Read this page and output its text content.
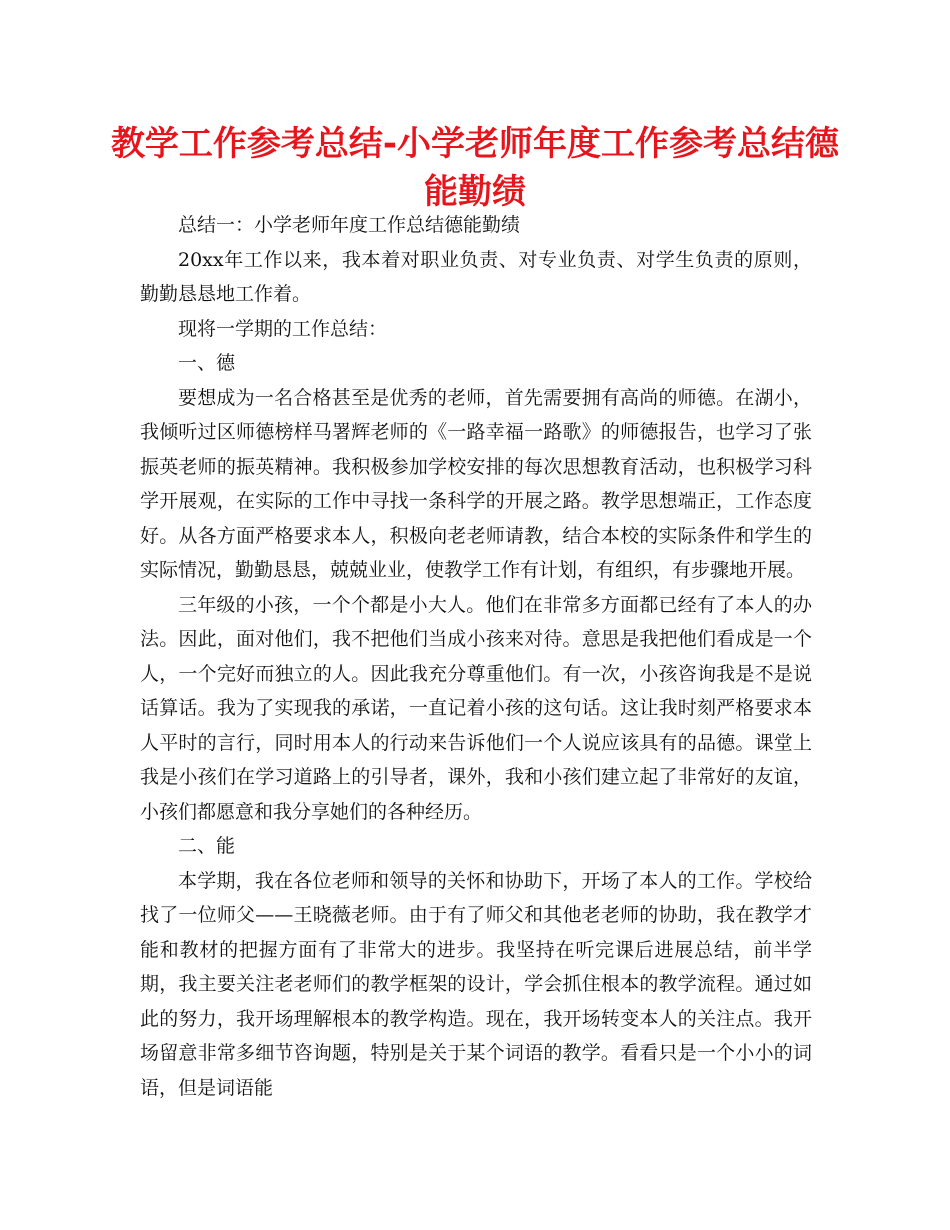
教学工作参考总结-小学老师年度工作参考总结德能勤绩

总结一：小学老师年度工作总结德能勤绩

20xx年工作以来，我本着对职业负责、对专业负责、对学生负责的原则，勤勤恳恳地工作着。

现将一学期的工作总结：

一、德

要想成为一名合格甚至是优秀的老师，首先需要拥有高尚的师德。在湖小，我倾听过区师德榜样马署辉老师的《一路幸福一路歌》的师德报告，也学习了张振英老师的振英精神。我积极参加学校安排的每次思想教育活动，也积极学习科学开展观，在实际的工作中寻找一条科学的开展之路。教学思想端正，工作态度好。从各方面严格要求本人，积极向老老师请教，结合本校的实际条件和学生的实际情况，勤勤恳恳，兢兢业业，使教学工作有计划，有组织，有步骤地开展。

三年级的小孩，一个个都是小大人。他们在非常多方面都已经有了本人的办法。因此，面对他们，我不把他们当成小孩来对待。意思是我把他们看成是一个人，一个完好而独立的人。因此我充分尊重他们。有一次，小孩咨询我是不是说话算话。我为了实现我的承诺，一直记着小孩的这句话。这让我时刻严格要求本人平时的言行，同时用本人的行动来告诉他们一个人说应该具有的品德。课堂上我是小孩们在学习道路上的引导者，课外，我和小孩们建立起了非常好的友谊，小孩们都愿意和我分享她们的各种经历。

二、能

本学期，我在各位老师和领导的关怀和协助下，开场了本人的工作。学校给找了一位师父——王晓薇老师。由于有了师父和其他老老师的协助，我在教学才能和教材的把握方面有了非常大的进步。我坚持在听完课后进展总结，前半学期，我主要关注老老师们的教学框架的设计，学会抓住根本的教学流程。通过如此的努力，我开场理解根本的教学构造。现在，我开场转变本人的关注点。我开场留意非常多细节咨询题，特别是关于某个词语的教学。看看只是一个小小的词语，但是词语能
